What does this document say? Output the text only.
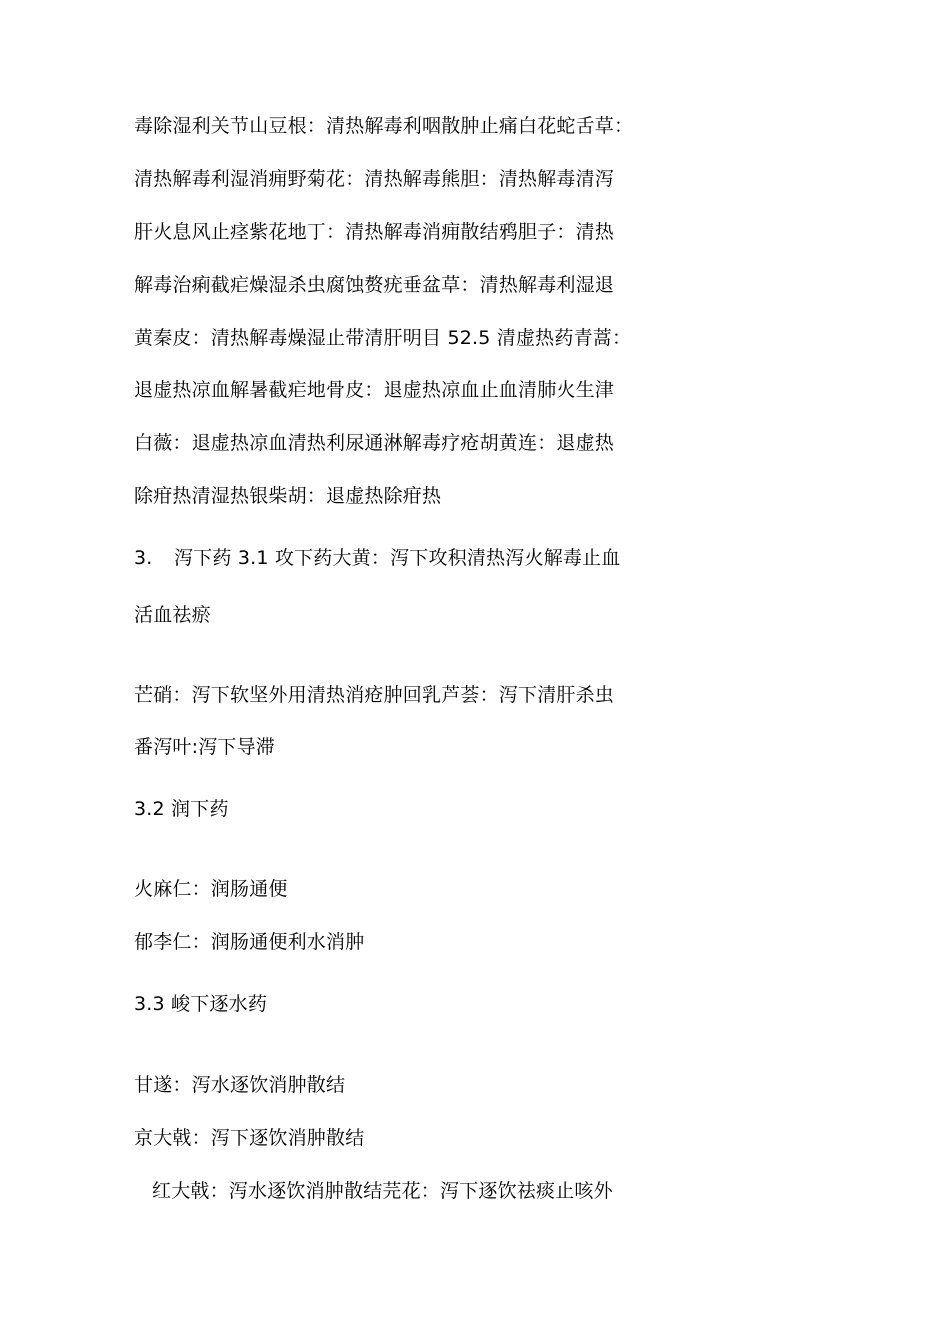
毒除湿利关节山豆根：清热解毒利咽散肿止痛白花蛇舌草：
清热解毒利湿消痈野菊花：清热解毒熊胆：清热解毒清泻
肝火息风止痉紫花地丁：清热解毒消痈散结鸦胆子：清热
解毒治痢截疟燥湿杀虫腐蚀赘疣垂盆草：清热解毒利湿退
黄秦皮：清热解毒燥湿止带清肝明目 52.5 清虚热药青蒿：
退虚热凉血解暑截疟地骨皮：退虚热凉血止血清肺火生津
白薇：退虚热凉血清热利尿通淋解毒疗疮胡黄连：退虚热
除疳热清湿热银柴胡：退虚热除疳热
3. 泻下药 3.1 攻下药大黄：泻下攻积清热泻火解毒止血
活血祛瘀
芒硝：泻下软坚外用清热消疮肿回乳芦荟：泻下清肝杀虫
番泻叶:泻下导滞
3.2 润下药
火麻仁：润肠通便
郁李仁：润肠通便利水消肿
3.3 峻下逐水药
甘遂：泻水逐饮消肿散结
京大戟：泻下逐饮消肿散结
红大戟：泻水逐饮消肿散结芫花：泻下逐饮祛痰止咳外
